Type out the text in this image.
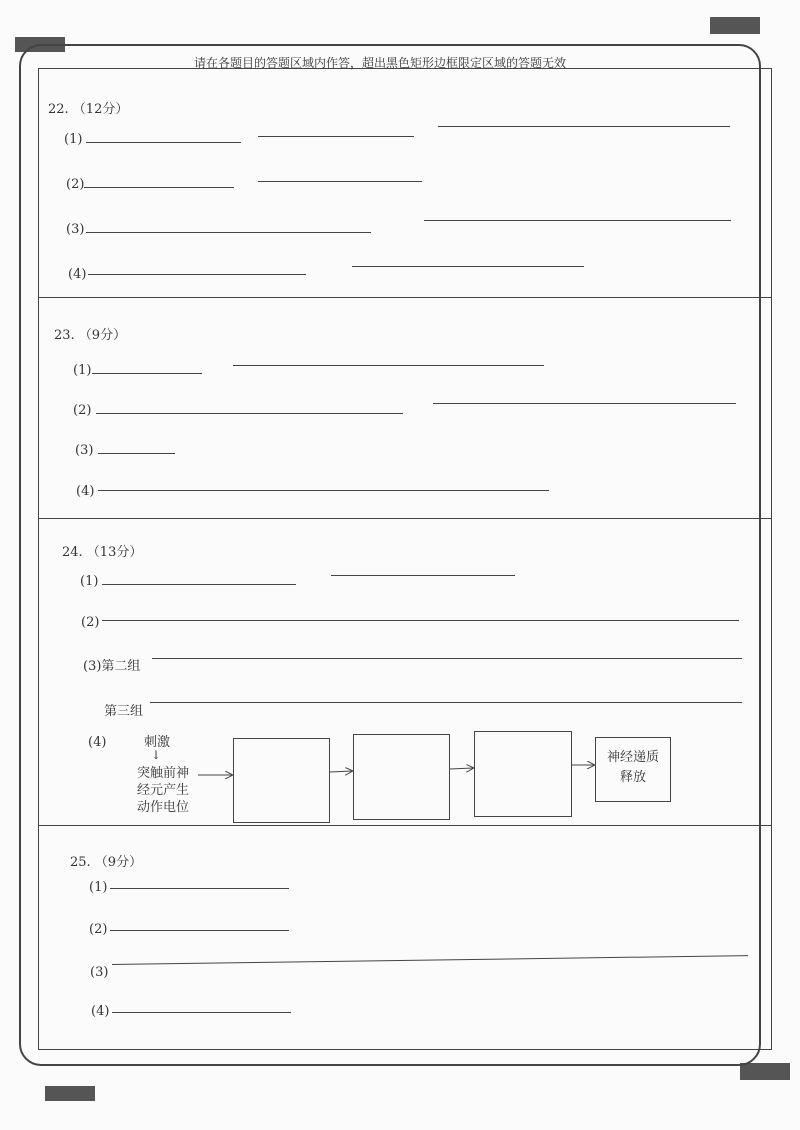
请在各题目的答题区域内作答，超出黑色矩形边框限定区域的答题无效
22. （12分）
(1)
(2)
(3)
(4)
23. （9分）
(1)
(2)
(3)
(4)
24. （13分）
(1)
(2)
(3)第二组
第三组
(4)	刺激
↓
突触前神经元产生动作电位
神经递质释放
25. （9分）
(1)
(2)
(3)
(4)
